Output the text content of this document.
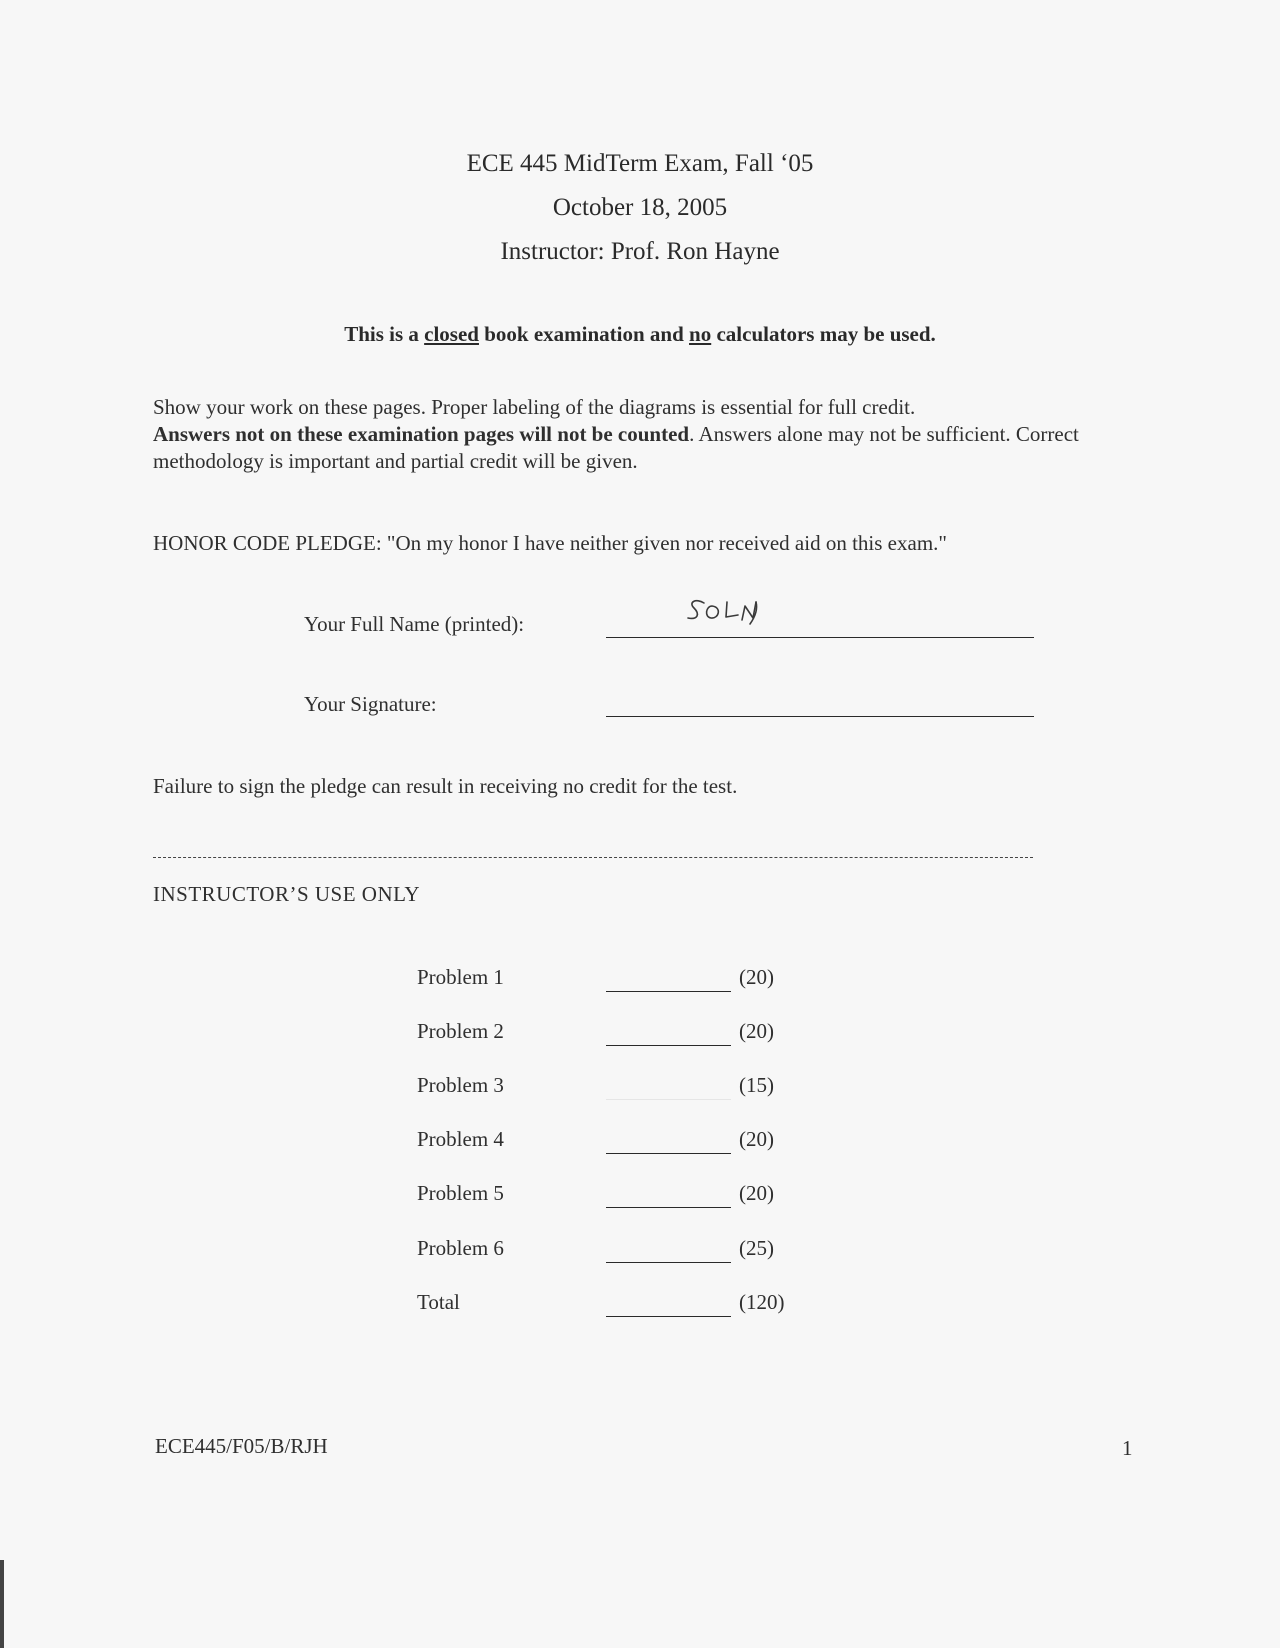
ECE 445 MidTerm Exam, Fall ‘05
October 18, 2005
Instructor: Prof. Ron Hayne
This is a closed book examination and no calculators may be used.
Show your work on these pages. Proper labeling of the diagrams is essential for full credit.
Answers not on these examination pages will not be counted. Answers alone may not be sufficient. Correct methodology is important and partial credit will be given.
HONOR CODE PLEDGE: "On my honor I have neither given nor received aid on this exam."
Your Full Name (printed):
Your Signature:
Failure to sign the pledge can result in receiving no credit for the test.
INSTRUCTOR’S USE ONLY
Problem 1	(20)
Problem 2	(20)
Problem 3	(15)
Problem 4	(20)
Problem 5	(20)
Problem 6	(25)
Total	(120)
ECE445/F05/B/RJH	1
